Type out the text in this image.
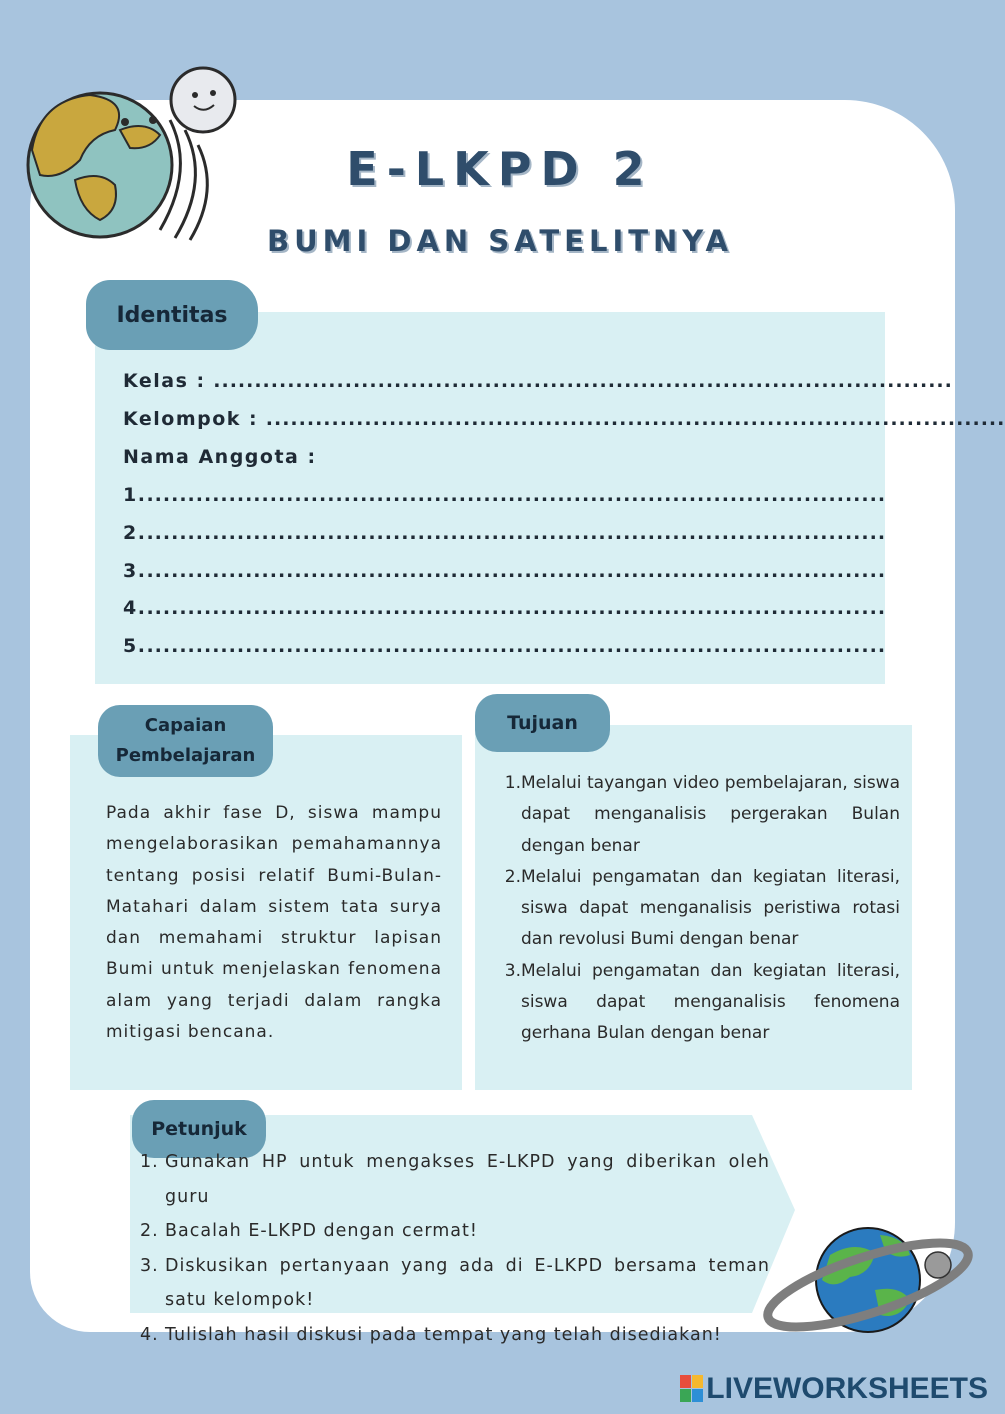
E-LKPD 2
BUMI DAN SATELITNYA
Identitas
Kelas : ..........................................................................................
Kelompok : ..........................................................................................
Nama Anggota :
1...........................................................................................
2...........................................................................................
3...........................................................................................
4...........................................................................................
5...........................................................................................
Capaian
Pembelajaran
Pada akhir fase D, siswa mampu mengelaborasikan pemahamannya tentang posisi relatif Bumi-Bulan-Matahari dalam sistem tata surya dan memahami struktur lapisan Bumi untuk menjelaskan fenomena alam yang terjadi dalam rangka mitigasi bencana.
Tujuan
1. Melalui tayangan video pembelajaran, siswa dapat menganalisis pergerakan Bulan dengan benar
2. Melalui pengamatan dan kegiatan literasi, siswa dapat menganalisis peristiwa rotasi dan revolusi Bumi dengan benar
3. Melalui pengamatan dan kegiatan literasi, siswa dapat menganalisis fenomena gerhana Bulan dengan benar
Petunjuk
1. Gunakan HP untuk mengakses E-LKPD yang diberikan oleh guru
2. Bacalah E-LKPD dengan cermat!
3. Diskusikan pertanyaan yang ada di E-LKPD bersama teman satu kelompok!
4. Tulislah hasil diskusi pada tempat yang telah disediakan!
LIVEWORKSHEETS
